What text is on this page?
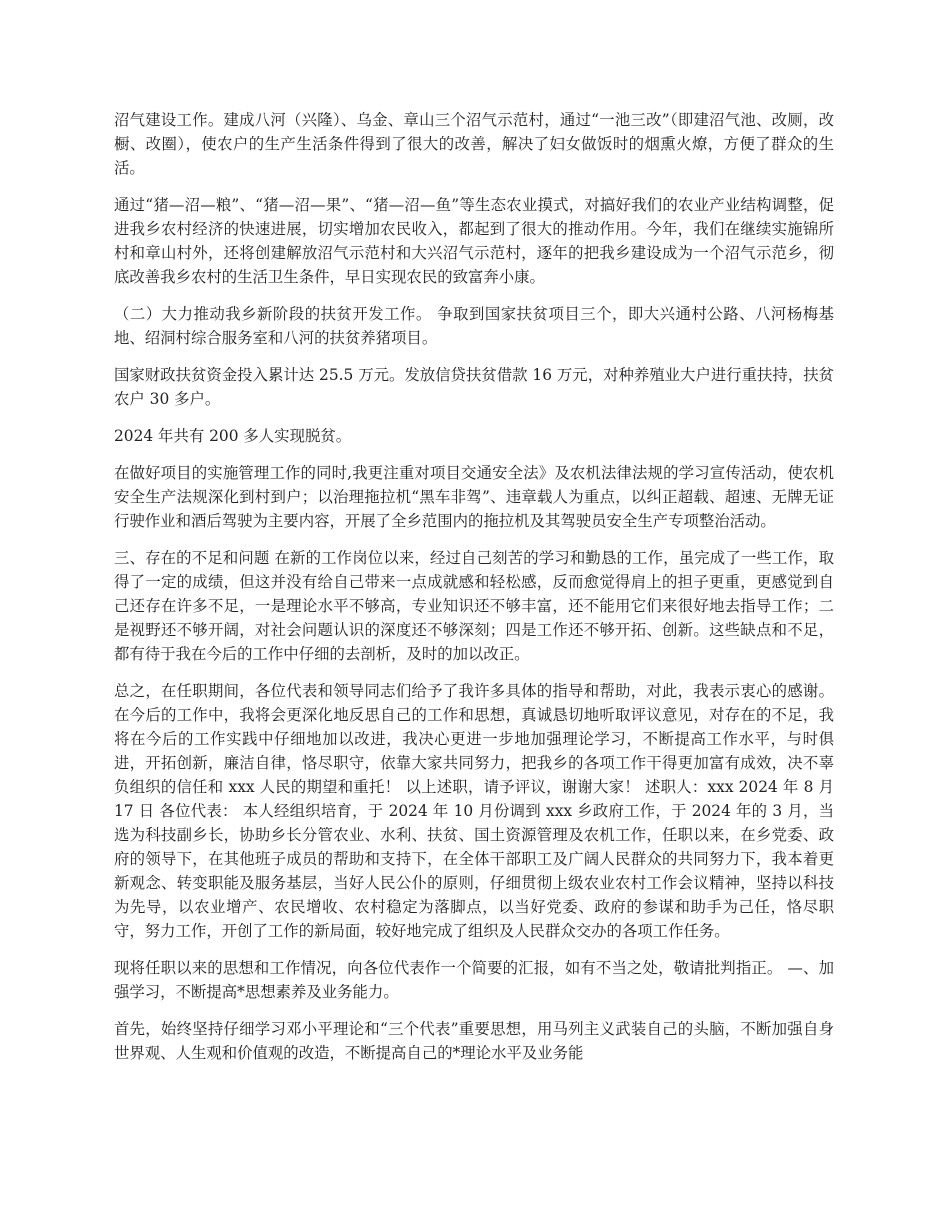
沼气建设工作。建成八河（兴隆）、乌金、章山三个沼气示范村，通过“一池三改”（即建沼气池、改厕，改橱、改圈），使农户的生产生活条件得到了很大的改善，解决了妇女做饭时的烟熏火燎，方便了群众的生活。

通过“猪—沼—粮”、“猪—沼—果”、“猪—沼—鱼”等生态农业摸式，对搞好我们的农业产业结构调整，促进我乡农村经济的快速进展，切实增加农民收入，都起到了很大的推动作用。今年，我们在继续实施锦所村和章山村外，还将创建解放沼气示范村和大兴沼气示范村，逐年的把我乡建设成为一个沼气示范乡，彻底改善我乡农村的生活卫生条件，早日实现农民的致富奔小康。

（二）大力推动我乡新阶段的扶贫开发工作。 争取到国家扶贫项目三个，即大兴通村公路、八河杨梅基地、绍洞村综合服务室和八河的扶贫养猪项目。

国家财政扶贫资金投入累计达 25.5 万元。发放信贷扶贫借款 16 万元，对种养殖业大户进行重扶持，扶贫农户 30 多户。

2024 年共有 200 多人实现脱贫。

在做好项目的实施管理工作的同时,我更注重对项目交通安全法》及农机法律法规的学习宣传活动，使农机安全生产法规深化到村到户；以治理拖拉机“黑车非驾”、违章载人为重点，以纠正超载、超速、无牌无证行驶作业和酒后驾驶为主要内容，开展了全乡范围内的拖拉机及其驾驶员安全生产专项整治活动。

三、存在的不足和问题 在新的工作岗位以来，经过自己刻苦的学习和勤恳的工作，虽完成了一些工作，取得了一定的成绩，但这并没有给自己带来一点成就感和轻松感，反而愈觉得肩上的担子更重，更感觉到自己还存在许多不足，一是理论水平不够高，专业知识还不够丰富，还不能用它们来很好地去指导工作；二是视野还不够开阔，对社会问题认识的深度还不够深刻；四是工作还不够开拓、创新。这些缺点和不足，都有待于我在今后的工作中仔细的去剖析，及时的加以改正。

总之，在任职期间，各位代表和领导同志们给予了我许多具体的指导和帮助，对此，我表示衷心的感谢。在今后的工作中，我将会更深化地反思自己的工作和思想，真诚恳切地听取评议意见，对存在的不足，我将在今后的工作实践中仔细地加以改进，我决心更进一步地加强理论学习，不断提高工作水平，与时俱进，开拓创新，廉洁自律，恪尽职守，依靠大家共同努力，把我乡的各项工作干得更加富有成效，决不辜负组织的信任和 xxx 人民的期望和重托！ 以上述职，请予评议，谢谢大家！ 述职人：xxx 2024 年 8 月 17 日 各位代表： 本人经组织培育，于 2024 年 10 月份调到 xxx 乡政府工作，于 2024 年的 3 月，当选为科技副乡长，协助乡长分管农业、水利、扶贫、国土资源管理及农机工作，任职以来，在乡党委、政府的领导下，在其他班子成员的帮助和支持下，在全体干部职工及广阔人民群众的共同努力下，我本着更新观念、转变职能及服务基层，当好人民公仆的原则，仔细贯彻上级农业农村工作会议精神，坚持以科技为先导，以农业增产、农民增收、农村稳定为落脚点，以当好党委、政府的参谋和助手为己任，恪尽职守，努力工作，开创了工作的新局面，较好地完成了组织及人民群众交办的各项工作任务。

现将任职以来的思想和工作情况，向各位代表作一个简要的汇报，如有不当之处，敬请批判指正。 —、加强学习，不断提高*思想素养及业务能力。

首先，始终坚持仔细学习邓小平理论和“三个代表”重要思想，用马列主义武装自己的头脑，不断加强自身世界观、人生观和价值观的改造，不断提高自己的*理论水平及业务能
